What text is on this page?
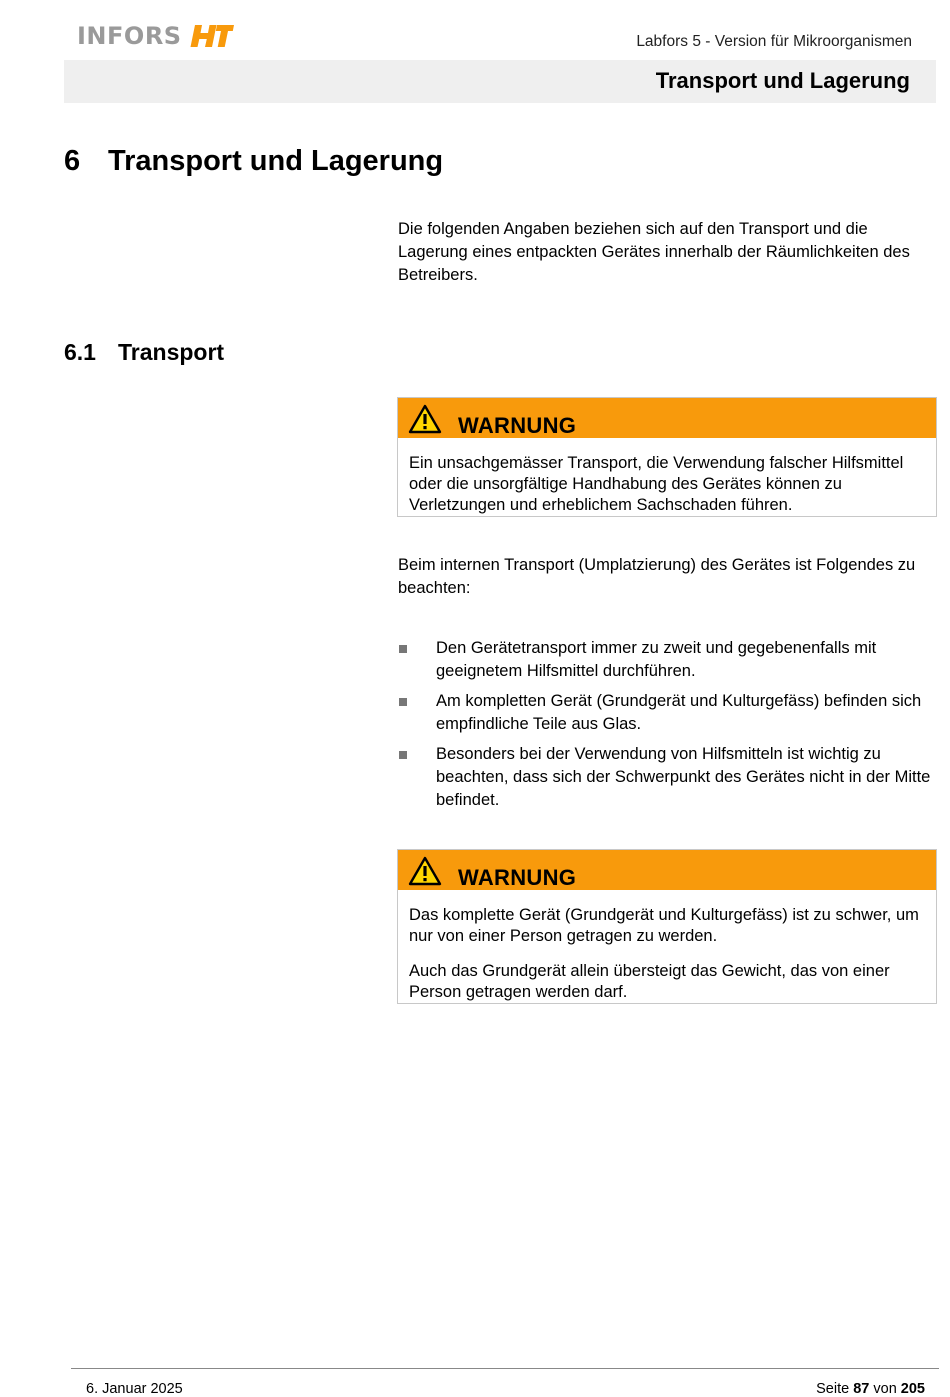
INFORS	Labfors 5 - Version für Mikroorganismen
Transport und Lagerung
6 Transport und Lagerung

Die folgenden Angaben beziehen sich auf den Transport und die Lagerung eines entpackten Gerätes innerhalb der Räumlichkeiten des Betreibers.

6.1 Transport
WARNUNG

Ein unsachgemässer Transport, die Verwendung falscher Hilfsmittel oder die unsorgfältige Handhabung des Gerätes können zu Verletzungen und erheblichem Sachschaden führen.

Beim internen Transport (Umplatzierung) des Gerätes ist Folgendes zu beachten:

Den Gerätetransport immer zu zweit und gegebenenfalls mit geeignetem Hilfsmittel durchführen.
Am kompletten Gerät (Grundgerät und Kulturgefäss) befinden sich empfindliche Teile aus Glas.
Besonders bei der Verwendung von Hilfsmitteln ist wichtig zu beachten, dass sich der Schwerpunkt des Gerätes nicht in der Mitte befindet.
WARNUNG

Das komplette Gerät (Grundgerät und Kulturgefäss) ist zu schwer, um nur von einer Person getragen zu werden.

Auch das Grundgerät allein übersteigt das Gewicht, das von einer Person getragen werden darf.

6. Januar 2025	Seite 87 von 205
